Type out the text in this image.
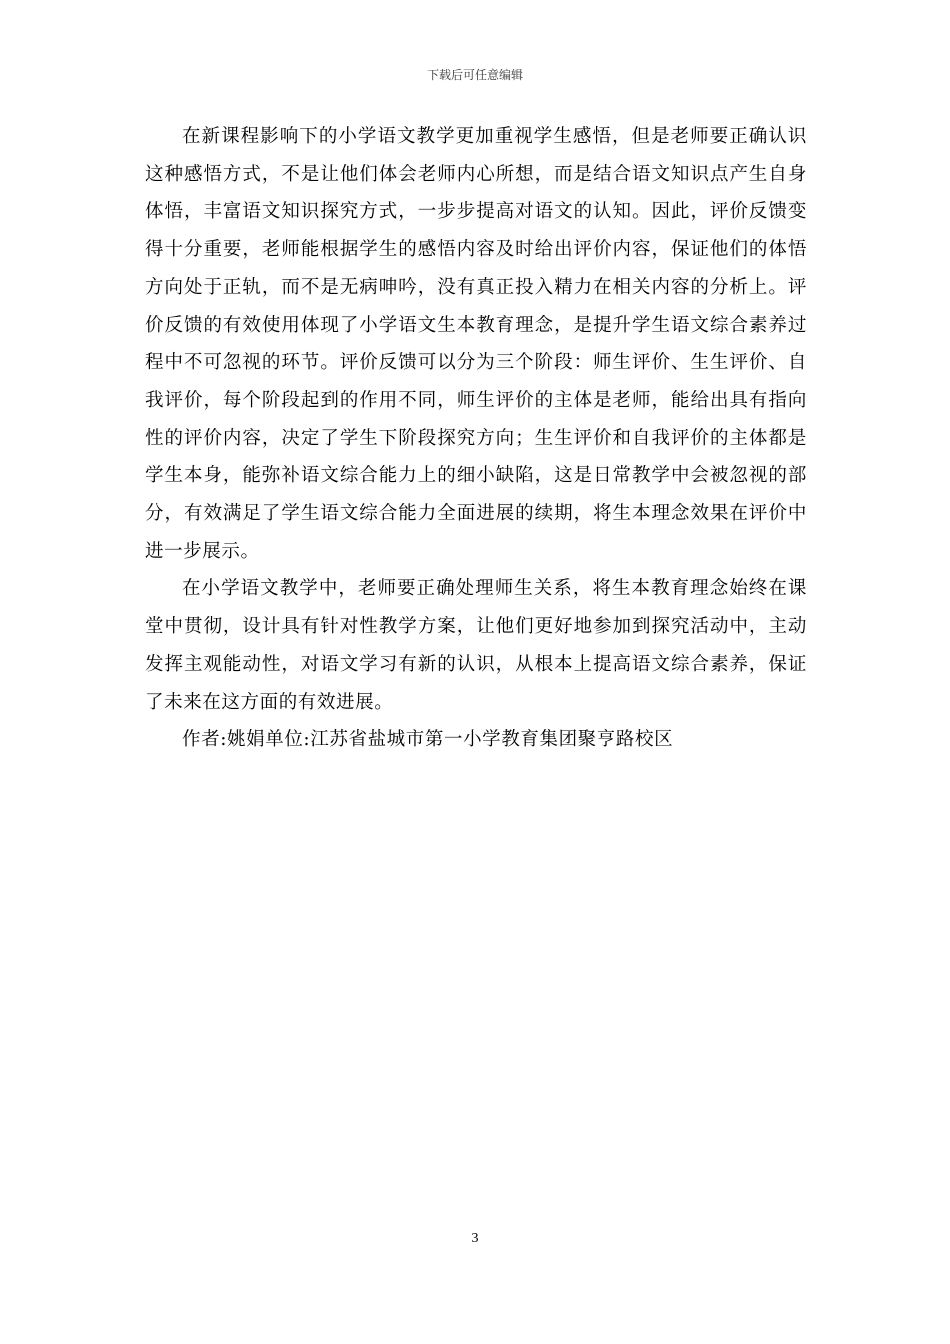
下载后可任意编辑

在新课程影响下的小学语文教学更加重视学生感悟，但是老师要正确认识这种感悟方式，不是让他们体会老师内心所想，而是结合语文知识点产生自身体悟，丰富语文知识探究方式，一步步提高对语文的认知。因此，评价反馈变得十分重要，老师能根据学生的感悟内容及时给出评价内容，保证他们的体悟方向处于正轨，而不是无病呻吟，没有真正投入精力在相关内容的分析上。评价反馈的有效使用体现了小学语文生本教育理念，是提升学生语文综合素养过程中不可忽视的环节。评价反馈可以分为三个阶段：师生评价、生生评价、自我评价，每个阶段起到的作用不同，师生评价的主体是老师，能给出具有指向性的评价内容，决定了学生下阶段探究方向；生生评价和自我评价的主体都是学生本身，能弥补语文综合能力上的细小缺陷，这是日常教学中会被忽视的部分，有效满足了学生语文综合能力全面进展的续期，将生本理念效果在评价中进一步展示。

在小学语文教学中，老师要正确处理师生关系，将生本教育理念始终在课堂中贯彻，设计具有针对性教学方案，让他们更好地参加到探究活动中，主动发挥主观能动性，对语文学习有新的认识，从根本上提高语文综合素养，保证了未来在这方面的有效进展。

作者:姚娟单位:江苏省盐城市第一小学教育集团聚亨路校区

3
